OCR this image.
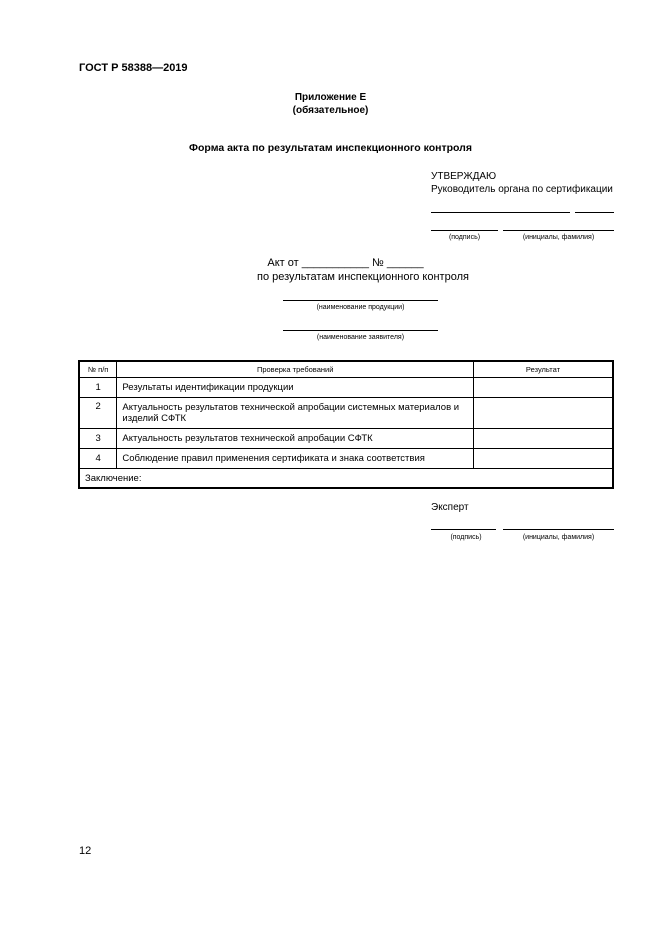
ГОСТ Р 58388—2019
Приложение Е
(обязательное)
Форма акта по результатам инспекционного контроля
УТВЕРЖДАЮ
Руководитель органа по сертификации
(подпись)	(инициалы, фамилия)
Акт от ___________ № ______
по результатам инспекционного контроля
(наименование продукции)
(наименование заявителя)
№ п/п	Проверка требований	Результат
1	Результаты идентификации продукции	
2	Актуальность результатов технической апробации системных материалов и изделий СФТК	
3	Актуальность результатов технической апробации СФТК	
4	Соблюдение правил применения сертификата и знака соответствия	
Заключение:		
Эксперт
(подпись)	(инициалы, фамилия)
12
